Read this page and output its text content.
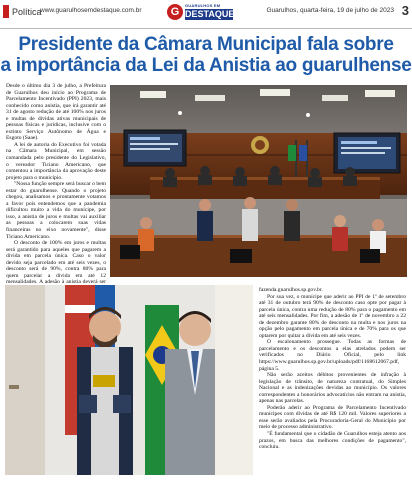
Política
www.guarulhosemdestaque.com.br	G
GUARULHOS EM
DESTAQUE	Guarulhos, quarta-feira, 19 de julho de 2023 3
Presidente da Câmara Municipal fala sobre
a importância da Lei da Anistia ao guarulhense

Desde o último dia 3 de julho, a Prefeitura de Guarulhos deu início ao Programa de Parcelamento Incentivado (PPI) 2023, mais conhecido como anistia, que irá garantir até 31 de agosto redução de até 100% nos juros e multas de dívidas ativas municipais de pessoas físicas e jurídicas, inclusive com o extinto Serviço Autônomo de Água e Esgoto (Saae).

A lei de autoria do Executivo foi votada na Câmara Municipal, em sessão comandada pelo presidente do Legislativo, o vereador Ticiano Americano, que comentou a importância da aprovação deste projeto para o município.

"Nossa função sempre será buscar o bem estar do guarulhense. Quando o projeto chegou, analisamos e prontamente votamos a favor pois entendemos que a pandemia dificultou muito a vida do munícipe, por isso, a anistia de juros e multas vai auxiliar as pessoas a colocarem suas vidas financeiras no eixo novamente", disse Ticiano Americano.

O desconto de 100% em juros e multas será garantido para aqueles que pagarem a dívida em parcela única. Caso o valor devido seja parcelado em até seis vezes, o desconto será de 90%, contra 80% para quem parcelar a dívida em até 12 mensalidades. A adesão à anistia deverá ser

fazenda.guarulhos.sp.gov.br.

Por sua vez, o munícipe que aderir ao PPI de 1º de setembro até 31 de outubro terá 90% de desconto caso opte por pagar à parcela única, contra uma redução de 80% para o pagamento em até seis mensalidades. Por fim, a adesão de 1º de novembro a 22 de dezembro garante 80% de desconto na multa e nos juros na opção pelo pagamento em parcela única e de 70% para os que optarem por quitar a dívida em até seis vezes.

O escalonamento prossegue. Todas as formas de parcelamento e os descontos a elas atrelados podem ser verificados no Diário Oficial, pelo link https://www.guarulhos.sp.gov.br/uploads/pdf/1168612067.pdf, página 5.

Não serão aceitos débitos provenientes de infração à legislação de trânsito, de natureza contratual, do Simples Nacional e as indenizações devidas ao município. Os valores correspondentes a honorários advocatícios não entram na anistia, apenas nas parcelas.

Poderão aderir ao Programa de Parcelamento Incentivado munícipes com dívidas de até R$ 120 mil. Valores superiores a esse serão avaliados pela Procuradoria-Geral do Município por meio de processo administrativo.

"É fundamental que o cidadão de Guarulhos esteja atento aos prazos, em busca das melhores condições de pagamento", concluiu.
